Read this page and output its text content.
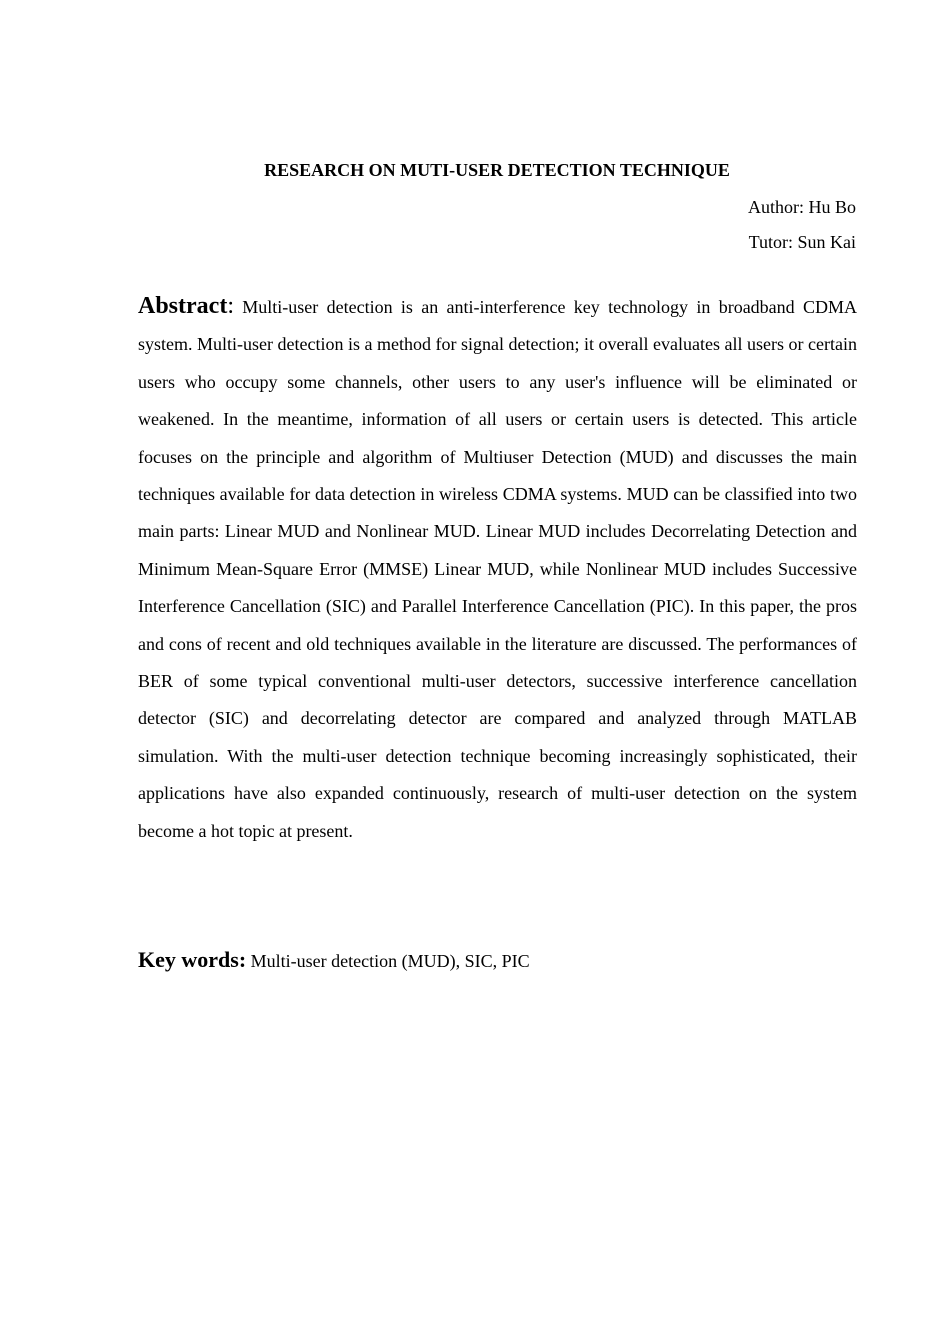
RESEARCH ON MUTI-USER DETECTION TECHNIQUE
Author: Hu Bo
Tutor: Sun Kai

Abstract: Multi-user detection is an anti-interference key technology in broadband CDMA system. Multi-user detection is a method for signal detection; it overall evaluates all users or certain users who occupy some channels, other users to any user's influence will be eliminated or weakened. In the meantime, information of all users or certain users is detected. This article focuses on the principle and algorithm of Multiuser Detection (MUD) and discusses the main techniques available for data detection in wireless CDMA systems. MUD can be classified into two main parts: Linear MUD and Nonlinear MUD. Linear MUD includes Decorrelating Detection and Minimum Mean-Square Error (MMSE) Linear MUD, while Nonlinear MUD includes Successive Interference Cancellation (SIC) and Parallel Interference Cancellation (PIC). In this paper, the pros and cons of recent and old techniques available in the literature are discussed. The performances of BER of some typical conventional multi-user detectors, successive interference cancellation detector (SIC) and decorrelating detector are compared and analyzed through MATLAB simulation. With the multi-user detection technique becoming increasingly sophisticated, their applications have also expanded continuously, research of multi-user detection on the system become a hot topic at present.

Key words: Multi-user detection (MUD), SIC, PIC
